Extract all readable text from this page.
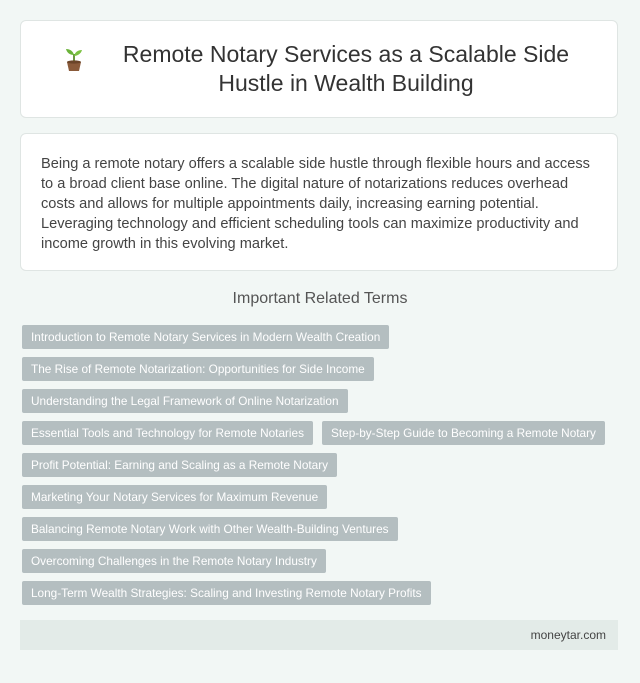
Remote Notary Services as a Scalable Side Hustle in Wealth Building

Being a remote notary offers a scalable side hustle through flexible hours and access to a broad client base online. The digital nature of notarizations reduces overhead costs and allows for multiple appointments daily, increasing earning potential. Leveraging technology and efficient scheduling tools can maximize productivity and income growth in this evolving market.

Important Related Terms
Introduction to Remote Notary Services in Modern Wealth Creation
The Rise of Remote Notarization: Opportunities for Side Income
Understanding the Legal Framework of Online Notarization
Essential Tools and Technology for Remote Notaries	Step-by-Step Guide to Becoming a Remote Notary
Profit Potential: Earning and Scaling as a Remote Notary
Marketing Your Notary Services for Maximum Revenue
Balancing Remote Notary Work with Other Wealth-Building Ventures
Overcoming Challenges in the Remote Notary Industry
Long-Term Wealth Strategies: Scaling and Investing Remote Notary Profits
moneytar.com
